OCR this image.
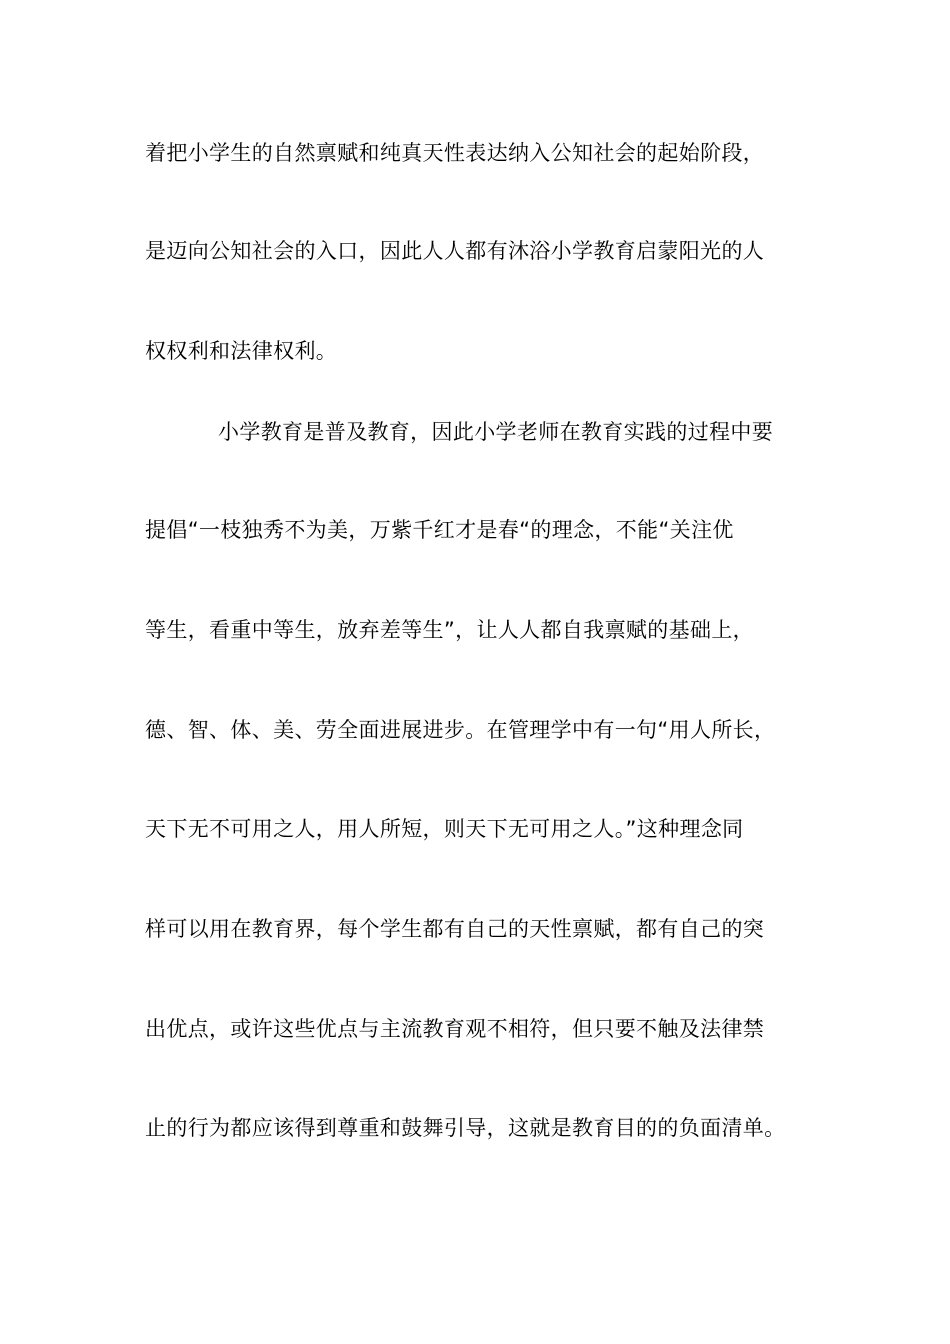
着把小学生的自然禀赋和纯真天性表达纳入公知社会的起始阶段，
是迈向公知社会的入口，因此人人都有沐浴小学教育启蒙阳光的人
权权利和法律权利。
小学教育是普及教育，因此小学老师在教育实践的过程中要
提倡“一枝独秀不为美，万紫千红才是春“的理念，不能“关注优
等生，看重中等生，放弃差等生”，让人人都自我禀赋的基础上，
德、智、体、美、劳全面进展进步。在管理学中有一句“用人所长，
天下无不可用之人，用人所短，则天下无可用之人。”这种理念同
样可以用在教育界，每个学生都有自己的天性禀赋，都有自己的突
出优点，或许这些优点与主流教育观不相符，但只要不触及法律禁
止的行为都应该得到尊重和鼓舞引导，这就是教育目的的负面清单。
